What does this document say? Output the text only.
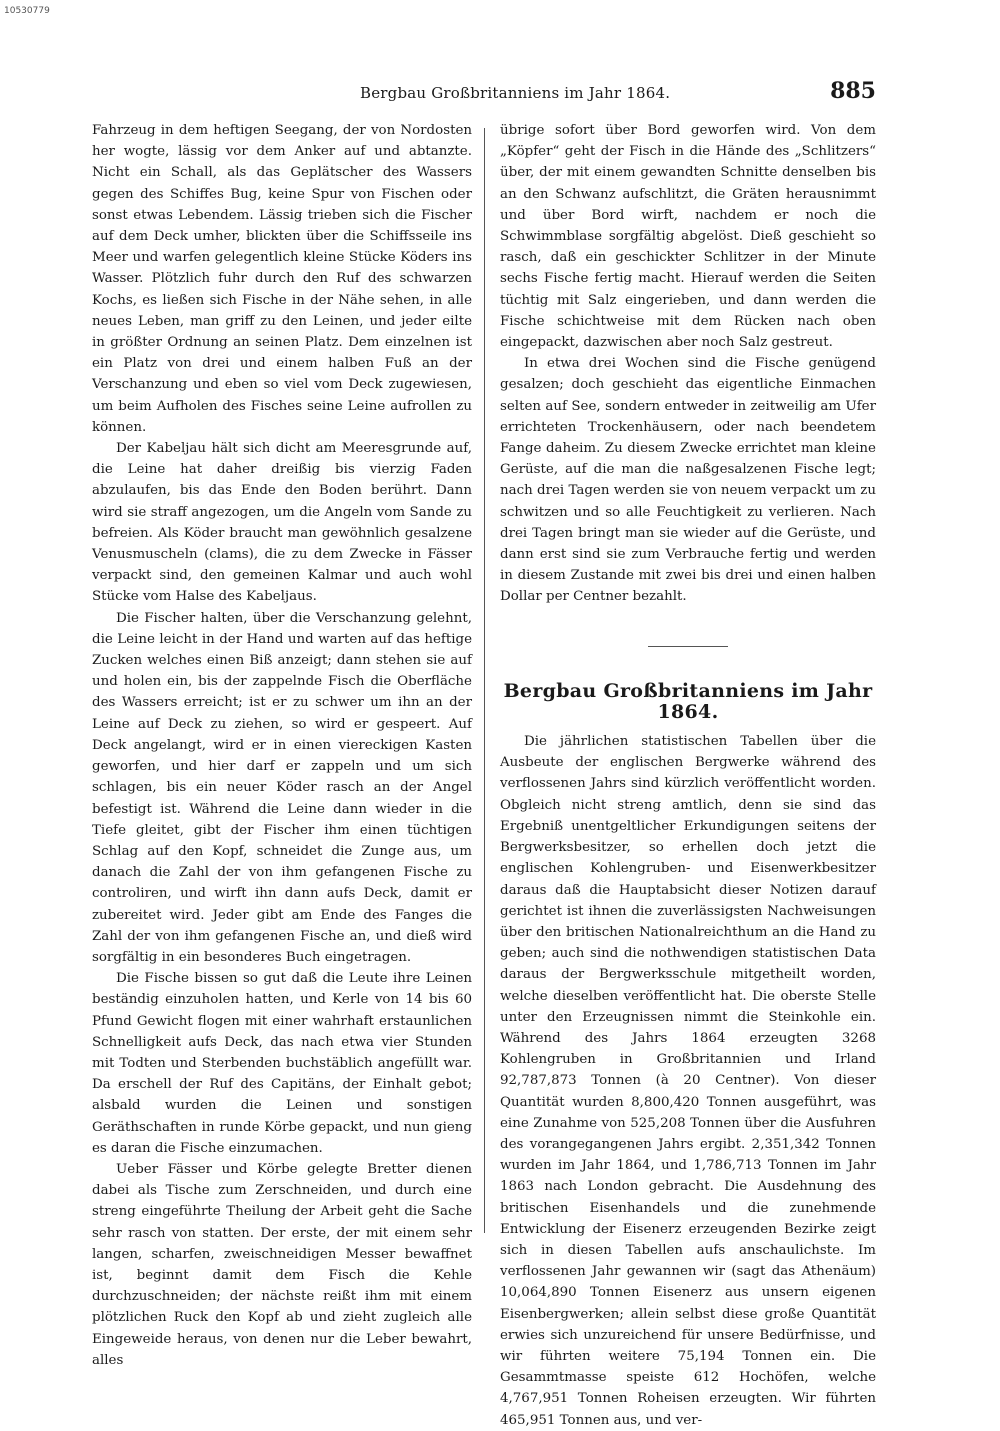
10530779
Bergbau Großbritanniens im Jahr 1864.	885

Fahrzeug in dem heftigen Seegang, der von Nordosten her wogte, lässig vor dem Anker auf und abtanzte. Nicht ein Schall, als das Geplätscher des Wassers gegen des Schiffes Bug, keine Spur von Fischen oder sonst etwas Lebendem. Lässig trieben sich die Fischer auf dem Deck umher, blickten über die Schiffsseile ins Meer und warfen gelegentlich kleine Stücke Köders ins Wasser. Plötzlich fuhr durch den Ruf des schwarzen Kochs, es ließen sich Fische in der Nähe sehen, in alle neues Leben, man griff zu den Leinen, und jeder eilte in größter Ordnung an seinen Platz. Dem einzelnen ist ein Platz von drei und einem halben Fuß an der Verschanzung und eben so viel vom Deck zugewiesen, um beim Aufholen des Fisches seine Leine aufrollen zu können.

Der Kabeljau hält sich dicht am Meeresgrunde auf, die Leine hat daher dreißig bis vierzig Faden abzulaufen, bis das Ende den Boden berührt. Dann wird sie straff angezogen, um die Angeln vom Sande zu befreien. Als Köder braucht man gewöhnlich gesalzene Venusmuscheln (clams), die zu dem Zwecke in Fässer verpackt sind, den gemeinen Kalmar und auch wohl Stücke vom Halse des Kabeljaus.

Die Fischer halten, über die Verschanzung gelehnt, die Leine leicht in der Hand und warten auf das heftige Zucken welches einen Biß anzeigt; dann stehen sie auf und holen ein, bis der zappelnde Fisch die Oberfläche des Wassers erreicht; ist er zu schwer um ihn an der Leine auf Deck zu ziehen, so wird er gespeert. Auf Deck angelangt, wird er in einen viereckigen Kasten geworfen, und hier darf er zappeln und um sich schlagen, bis ein neuer Köder rasch an der Angel befestigt ist. Während die Leine dann wieder in die Tiefe gleitet, gibt der Fischer ihm einen tüchtigen Schlag auf den Kopf, schneidet die Zunge aus, um danach die Zahl der von ihm gefangenen Fische zu controliren, und wirft ihn dann aufs Deck, damit er zubereitet wird. Jeder gibt am Ende des Fanges die Zahl der von ihm gefangenen Fische an, und dieß wird sorgfältig in ein besonderes Buch eingetragen.

Die Fische bissen so gut daß die Leute ihre Leinen beständig einzuholen hatten, und Kerle von 14 bis 60 Pfund Gewicht flogen mit einer wahrhaft erstaunlichen Schnelligkeit aufs Deck, das nach etwa vier Stunden mit Todten und Sterbenden buchstäblich angefüllt war. Da erschell der Ruf des Capitäns, der Einhalt gebot; alsbald wurden die Leinen und sonstigen Geräthschaften in runde Körbe gepackt, und nun gieng es daran die Fische einzumachen.

Ueber Fässer und Körbe gelegte Bretter dienen dabei als Tische zum Zerschneiden, und durch eine streng eingeführte Theilung der Arbeit geht die Sache sehr rasch von statten. Der erste, der mit einem sehr langen, scharfen, zweischneidigen Messer bewaffnet ist, beginnt damit dem Fisch die Kehle durchzuschneiden; der nächste reißt ihm mit einem plötzlichen Ruck den Kopf ab und zieht zugleich alle Eingeweide heraus, von denen nur die Leber bewahrt, alles

übrige sofort über Bord geworfen wird. Von dem „Köpfer“ geht der Fisch in die Hände des „Schlitzers“ über, der mit einem gewandten Schnitte denselben bis an den Schwanz aufschlitzt, die Gräten herausnimmt und über Bord wirft, nachdem er noch die Schwimmblase sorgfältig abgelöst. Dieß geschieht so rasch, daß ein geschickter Schlitzer in der Minute sechs Fische fertig macht. Hierauf werden die Seiten tüchtig mit Salz eingerieben, und dann werden die Fische schichtweise mit dem Rücken nach oben eingepackt, dazwischen aber noch Salz gestreut.

In etwa drei Wochen sind die Fische genügend gesalzen; doch geschieht das eigentliche Einmachen selten auf See, sondern entweder in zeitweilig am Ufer errichteten Trockenhäusern, oder nach beendetem Fange daheim. Zu diesem Zwecke errichtet man kleine Gerüste, auf die man die naßgesalzenen Fische legt; nach drei Tagen werden sie von neuem verpackt um zu schwitzen und so alle Feuchtigkeit zu verlieren. Nach drei Tagen bringt man sie wieder auf die Gerüste, und dann erst sind sie zum Verbrauche fertig und werden in diesem Zustande mit zwei bis drei und einen halben Dollar per Centner bezahlt.

Bergbau Großbritanniens im Jahr 1864.

Die jährlichen statistischen Tabellen über die Ausbeute der englischen Bergwerke während des verflossenen Jahrs sind kürzlich veröffentlicht worden. Obgleich nicht streng amtlich, denn sie sind das Ergebniß unentgeltlicher Erkundigungen seitens der Bergwerksbesitzer, so erhellen doch jetzt die englischen Kohlengruben- und Eisenwerkbesitzer daraus daß die Hauptabsicht dieser Notizen darauf gerichtet ist ihnen die zuverlässigsten Nachweisungen über den britischen Nationalreichthum an die Hand zu geben; auch sind die nothwendigen statistischen Data daraus der Bergwerksschule mitgetheilt worden, welche dieselben veröffentlicht hat. Die oberste Stelle unter den Erzeugnissen nimmt die Steinkohle ein. Während des Jahrs 1864 erzeugten 3268 Kohlengruben in Großbritannien und Irland 92,787,873 Tonnen (à 20 Centner). Von dieser Quantität wurden 8,800,420 Tonnen ausgeführt, was eine Zunahme von 525,208 Tonnen über die Ausfuhren des vorangegangenen Jahrs ergibt. 2,351,342 Tonnen wurden im Jahr 1864, und 1,786,713 Tonnen im Jahr 1863 nach London gebracht. Die Ausdehnung des britischen Eisenhandels und die zunehmende Entwicklung der Eisenerz erzeugenden Bezirke zeigt sich in diesen Tabellen aufs anschaulichste. Im verflossenen Jahr gewannen wir (sagt das Athenäum) 10,064,890 Tonnen Eisenerz aus unsern eigenen Eisenbergwerken; allein selbst diese große Quantität erwies sich unzureichend für unsere Bedürfnisse, und wir führten weitere 75,194 Tonnen ein. Die Gesammtmasse speiste 612 Hochöfen, welche 4,767,951 Tonnen Roheisen erzeugten. Wir führten 465,951 Tonnen aus, und ver-
